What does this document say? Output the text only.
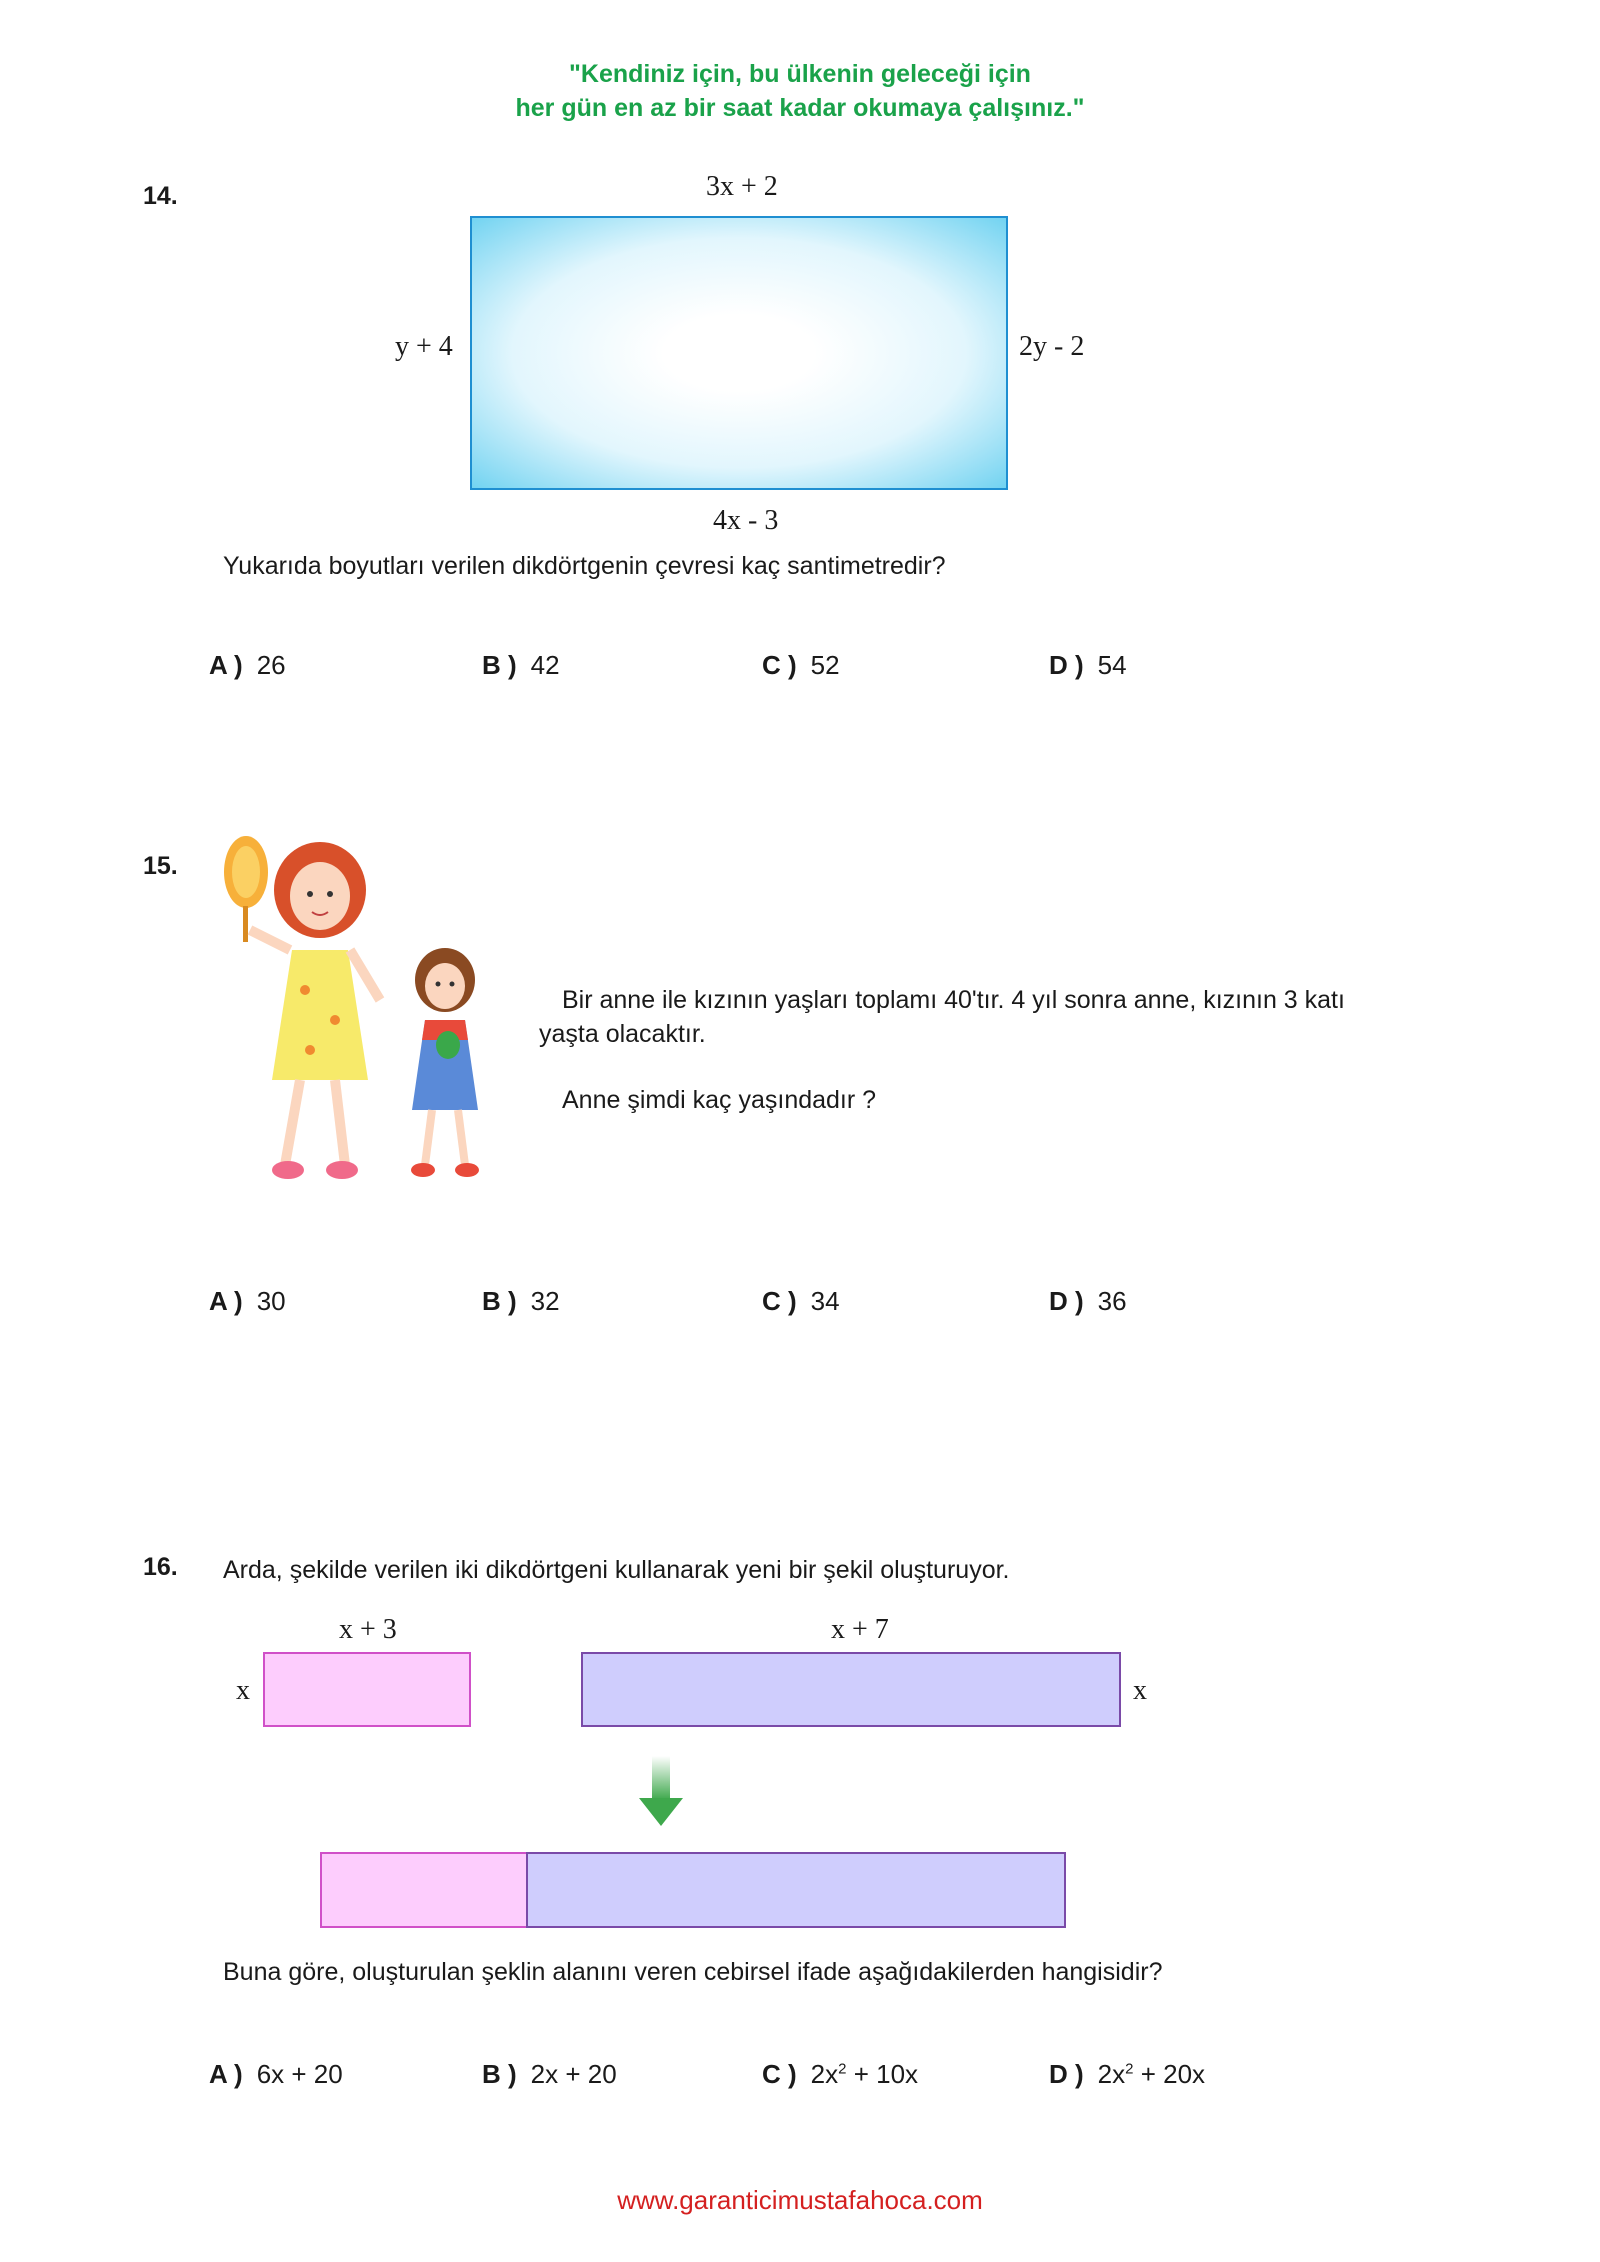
"Kendiniz için, bu ülkenin geleceği için
her gün en az bir saat kadar okumaya çalışınız."
14.	3x + 2
y + 4	2y - 2
4x - 3
Yukarıda boyutları verilen dikdörtgenin çevresi kaç santimetredir?
A ) 26	B ) 42	C ) 52	D ) 54
15.
Bir anne ile kızının yaşları toplamı 40'tır. 4 yıl sonra anne, kızının 3 katı
yaşta olacaktır.
Anne şimdi kaç yaşındadır ?
A ) 30	B ) 32	C ) 34	D ) 36
16. Arda, şekilde verilen iki dikdörtgeni kullanarak yeni bir şekil oluşturuyor.
x + 3
x
x + 7
x
Buna göre, oluşturulan şeklin alanını veren cebirsel ifade aşağıdakilerden hangisidir?
A ) 6x + 20	B ) 2x + 20	C ) $2x^2 + 10x$	D ) $2x^2 + 20x$
www.garanticimustafahoca.com
